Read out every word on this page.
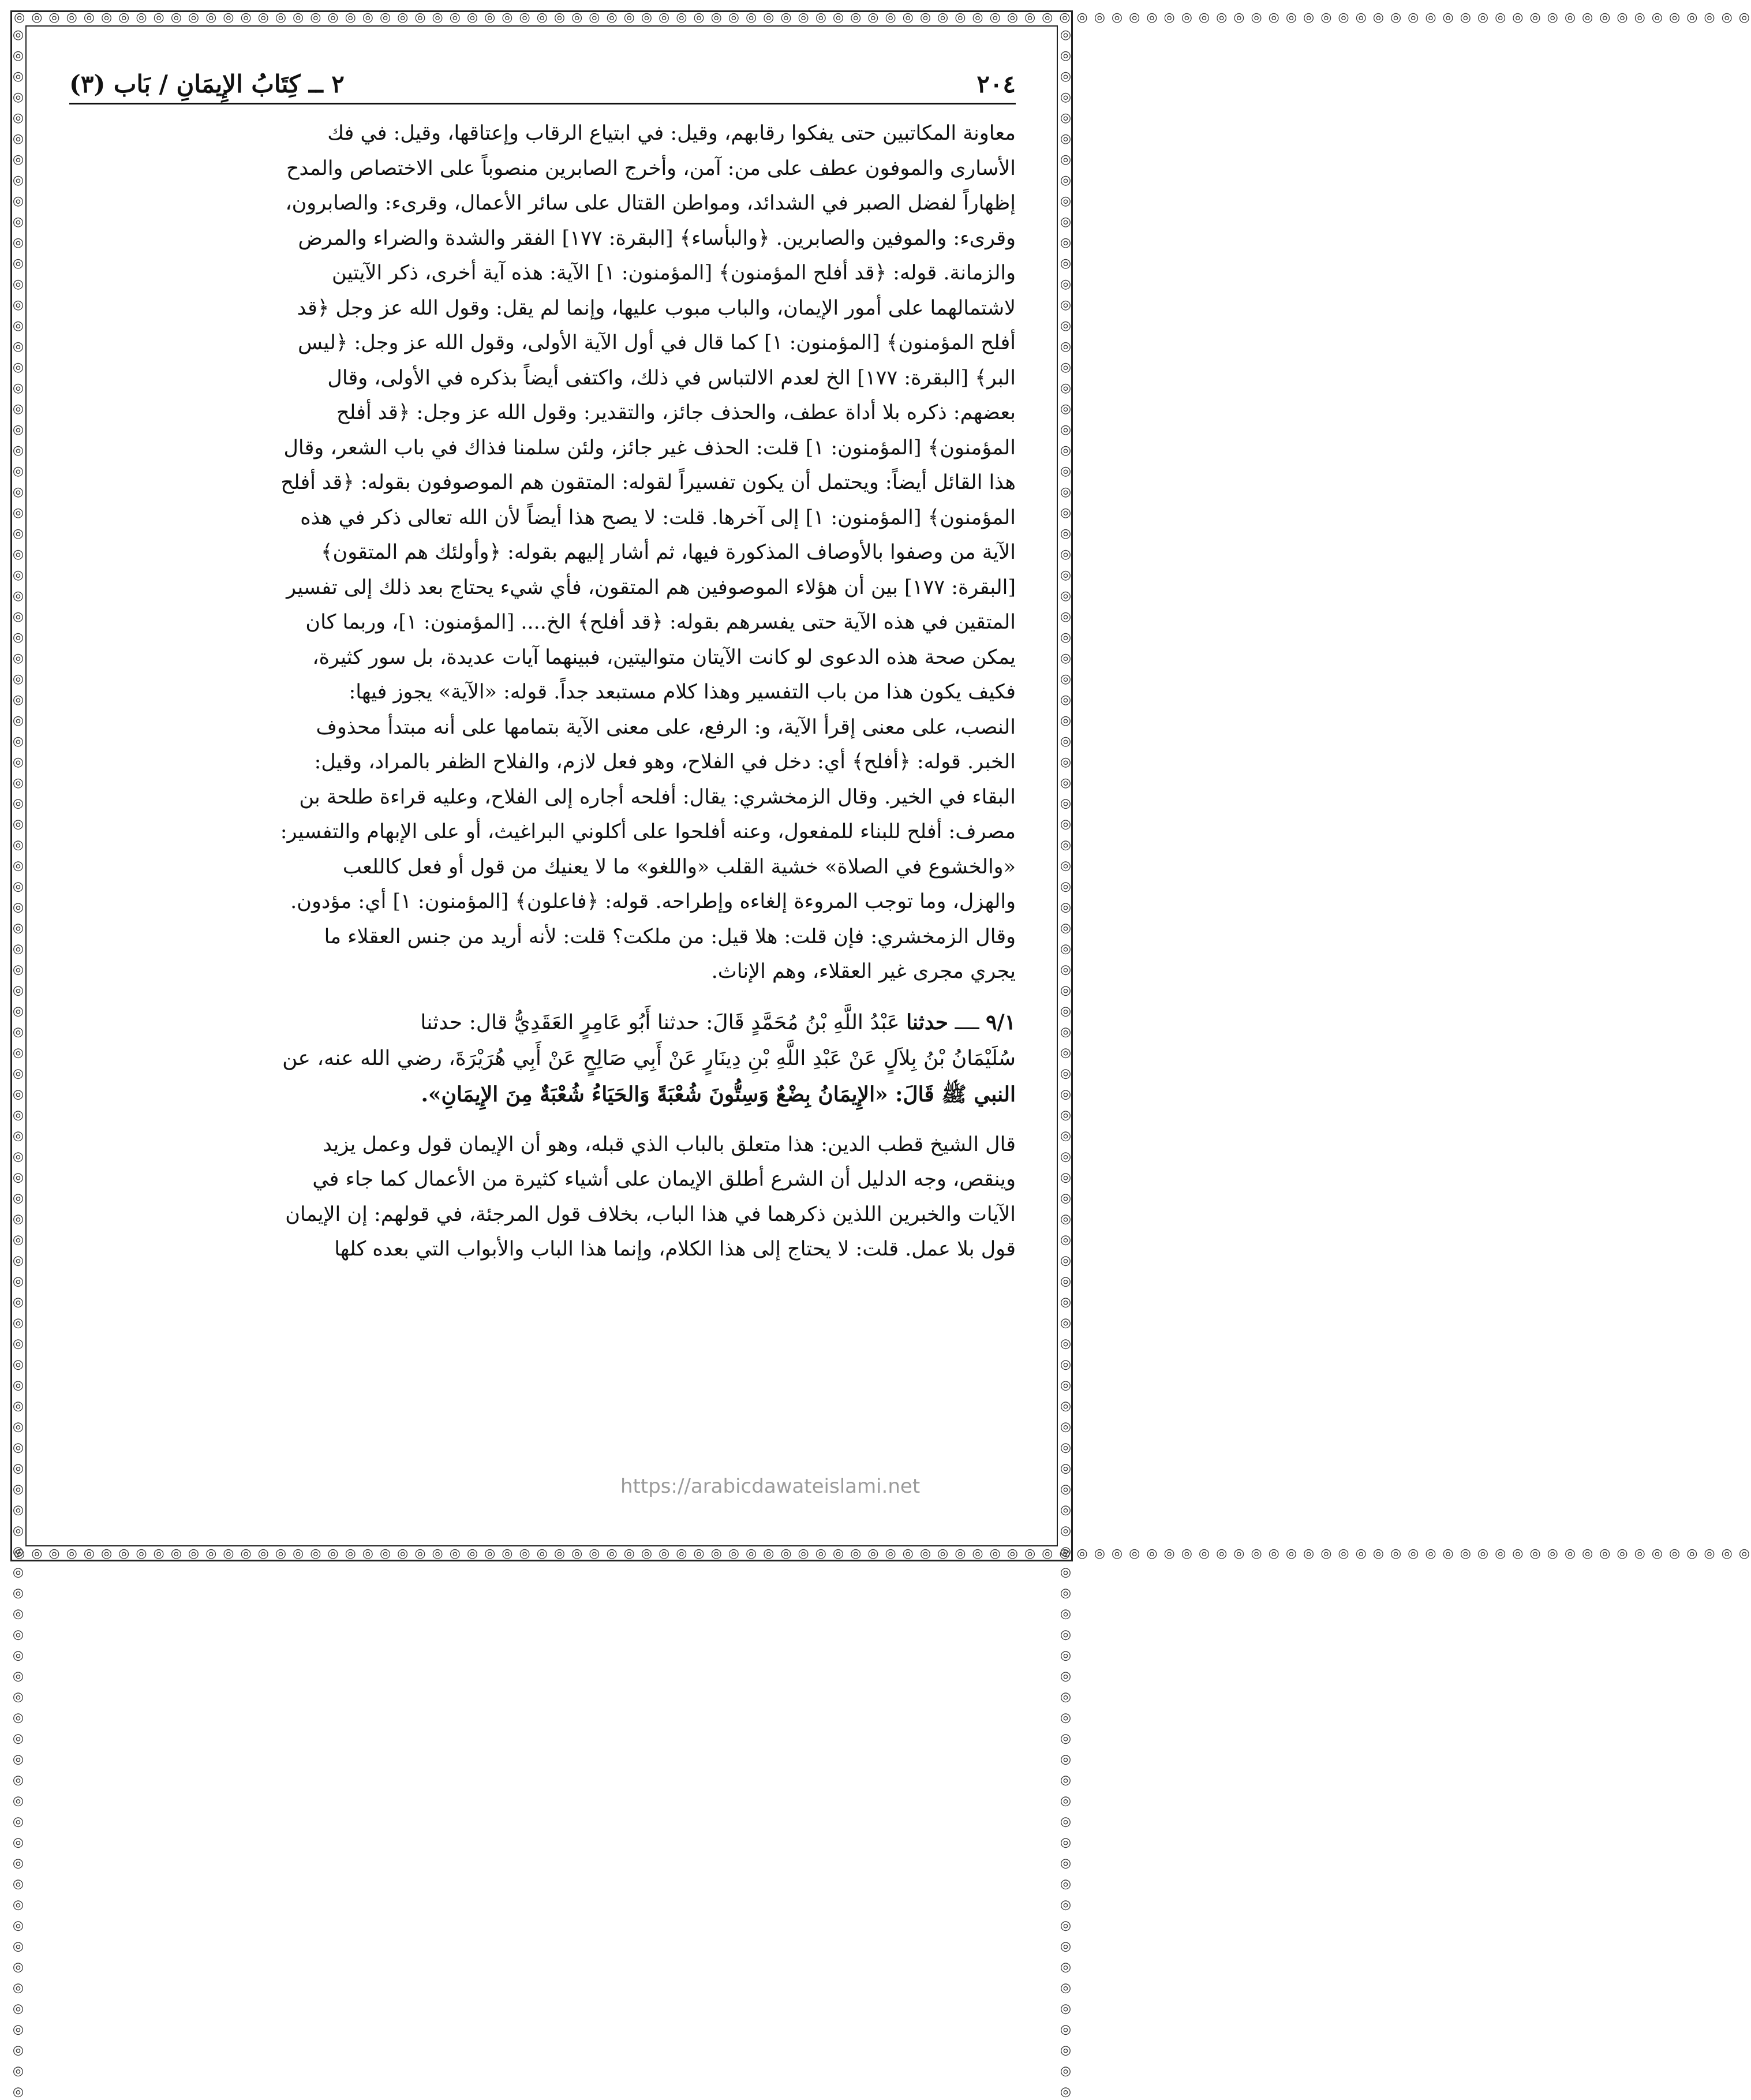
◎ ◎ ◎ ◎ ◎ ◎ ◎ ◎ ◎ ◎ ◎ ◎ ◎ ◎ ◎ ◎ ◎ ◎ ◎ ◎ ◎ ◎ ◎ ◎ ◎ ◎ ◎ ◎ ◎ ◎ ◎ ◎ ◎ ◎ ◎ ◎ ◎ ◎ ◎ ◎ ◎ ◎ ◎ ◎ ◎ ◎ ◎ ◎ ◎ ◎ ◎ ◎ ◎ ◎ ◎ ◎ ◎ ◎ ◎ ◎ ◎ ◎ ◎ ◎ ◎ ◎ ◎ ◎ ◎ ◎ ◎ ◎ ◎ ◎ ◎ ◎ ◎ ◎ ◎ ◎ ◎ ◎ ◎ ◎ ◎ ◎ ◎ ◎ ◎ ◎ ◎ ◎ ◎ ◎ ◎ ◎ ◎ ◎ ◎ ◎
◎ ◎ ◎ ◎ ◎ ◎ ◎ ◎ ◎ ◎ ◎ ◎ ◎ ◎ ◎ ◎ ◎ ◎ ◎ ◎ ◎ ◎ ◎ ◎ ◎ ◎ ◎ ◎ ◎ ◎ ◎ ◎ ◎ ◎ ◎ ◎ ◎ ◎ ◎ ◎ ◎ ◎ ◎ ◎ ◎ ◎ ◎ ◎ ◎ ◎ ◎ ◎ ◎ ◎ ◎ ◎ ◎ ◎ ◎ ◎ ◎ ◎ ◎ ◎ ◎ ◎ ◎ ◎ ◎ ◎ ◎ ◎ ◎ ◎ ◎ ◎ ◎ ◎ ◎ ◎ ◎ ◎ ◎ ◎ ◎ ◎ ◎ ◎ ◎ ◎ ◎ ◎ ◎ ◎ ◎ ◎ ◎ ◎ ◎ ◎
◎ ◎ ◎ ◎ ◎ ◎ ◎ ◎ ◎ ◎ ◎ ◎ ◎ ◎ ◎ ◎ ◎ ◎ ◎ ◎ ◎ ◎ ◎ ◎ ◎ ◎ ◎ ◎ ◎ ◎ ◎ ◎ ◎ ◎ ◎ ◎ ◎ ◎ ◎ ◎ ◎ ◎ ◎ ◎ ◎ ◎ ◎ ◎ ◎ ◎ ◎ ◎ ◎ ◎ ◎ ◎ ◎ ◎ ◎ ◎ ◎ ◎ ◎ ◎ ◎ ◎ ◎ ◎ ◎ ◎ ◎ ◎ ◎ ◎ ◎ ◎ ◎ ◎ ◎ ◎ ◎ ◎ ◎ ◎ ◎ ◎ ◎ ◎ ◎ ◎ ◎ ◎ ◎ ◎ ◎ ◎ ◎ ◎ ◎ ◎	◎ ◎ ◎ ◎ ◎ ◎ ◎ ◎ ◎ ◎ ◎ ◎ ◎ ◎ ◎ ◎ ◎ ◎ ◎ ◎ ◎ ◎ ◎ ◎ ◎ ◎ ◎ ◎ ◎ ◎ ◎ ◎ ◎ ◎ ◎ ◎ ◎ ◎ ◎ ◎ ◎ ◎ ◎ ◎ ◎ ◎ ◎ ◎ ◎ ◎ ◎ ◎ ◎ ◎ ◎ ◎ ◎ ◎ ◎ ◎ ◎ ◎ ◎ ◎ ◎ ◎ ◎ ◎ ◎ ◎ ◎ ◎ ◎ ◎ ◎ ◎ ◎ ◎ ◎ ◎ ◎ ◎ ◎ ◎ ◎ ◎ ◎ ◎ ◎ ◎ ◎ ◎ ◎ ◎ ◎ ◎ ◎ ◎ ◎ ◎
٢٠٤
٢ ــ كِتَابُ الإِيمَانِ / بَاب (٣)

معاونة المكاتبين حتى يفكوا رقابهم، وقيل: في ابتياع الرقاب وإعتاقها، وقيل: في فك

الأسارى والموفون عطف على من: آمن، وأخرج الصابرين منصوباً على الاختصاص والمدح

إظهاراً لفضل الصبر في الشدائد، ومواطن القتال على سائر الأعمال، وقرىء: والصابرون،

وقرىء: والموفين والصابرين. ﴿والبأساء﴾ [البقرة: ١٧٧] الفقر والشدة والضراء والمرض

والزمانة. قوله: ﴿قد أفلح المؤمنون﴾ [المؤمنون: ١] الآية: هذه آية أخرى، ذكر الآيتين

لاشتمالهما على أمور الإيمان، والباب مبوب عليها، وإنما لم يقل: وقول الله عز وجل ﴿قد

أفلح المؤمنون﴾ [المؤمنون: ١] كما قال في أول الآية الأولى، وقول الله عز وجل: ﴿ليس

البر﴾ [البقرة: ١٧٧] الخ لعدم الالتباس في ذلك، واكتفى أيضاً بذكره في الأولى، وقال

بعضهم: ذكره بلا أداة عطف، والحذف جائز، والتقدير: وقول الله عز وجل: ﴿قد أفلح

المؤمنون﴾ [المؤمنون: ١] قلت: الحذف غير جائز، ولئن سلمنا فذاك في باب الشعر، وقال

هذا القائل أيضاً: ويحتمل أن يكون تفسيراً لقوله: المتقون هم الموصوفون بقوله: ﴿قد أفلح

المؤمنون﴾ [المؤمنون: ١] إلى آخرها. قلت: لا يصح هذا أيضاً لأن الله تعالى ذكر في هذه

الآية من وصفوا بالأوصاف المذكورة فيها، ثم أشار إليهم بقوله: ﴿وأولئك هم المتقون﴾

[البقرة: ١٧٧] بين أن هؤلاء الموصوفين هم المتقون، فأي شيء يحتاج بعد ذلك إلى تفسير

المتقين في هذه الآية حتى يفسرهم بقوله: ﴿قد أفلح﴾ الخ.... [المؤمنون: ١]، وربما كان

يمكن صحة هذه الدعوى لو كانت الآيتان متواليتين، فبينهما آيات عديدة، بل سور كثيرة،

فكيف يكون هذا من باب التفسير وهذا كلام مستبعد جداً. قوله: «الآية» يجوز فيها:

النصب، على معنى إقرأ الآية، و: الرفع، على معنى الآية بتمامها على أنه مبتدأ محذوف

الخبر. قوله: ﴿أفلح﴾ أي: دخل في الفلاح، وهو فعل لازم، والفلاح الظفر بالمراد، وقيل:

البقاء في الخير. وقال الزمخشري: يقال: أفلحه أجاره إلى الفلاح، وعليه قراءة طلحة بن

مصرف: أفلح للبناء للمفعول، وعنه أفلحوا على أكلوني البراغيث، أو على الإبهام والتفسير:

«والخشوع في الصلاة» خشية القلب «واللغو» ما لا يعنيك من قول أو فعل كاللعب

والهزل، وما توجب المروءة إلغاءه وإطراحه. قوله: ﴿فاعلون﴾ [المؤمنون: ١] أي: مؤدون.

وقال الزمخشري: فإن قلت: هلا قيل: من ملكت؟ قلت: لأنه أريد من جنس العقلاء ما

يجري مجرى غير العقلاء، وهم الإناث.

٩/١ ــــ حدثنا عَبْدُ اللَّهِ بْنُ مُحَمَّدٍ قَالَ: حدثنا أَبُو عَامِرٍ العَقَدِيُّ قال: حدثنا

سُلَيْمَانُ بْنُ بِلاَلٍ عَنْ عَبْدِ اللَّهِ بْنِ دِينَارٍ عَنْ أَبِي صَالِحٍ عَنْ أَبِي هُرَيْرَةَ، رضي الله عنه، عن

النبي ﷺ قَالَ: «الإِيمَانُ بِضْعٌ وَسِتُّونَ شُعْبَةً وَالحَيَاءُ شُعْبَةٌ مِنَ الإِيمَانِ».

قال الشيخ قطب الدين: هذا متعلق بالباب الذي قبله، وهو أن الإيمان قول وعمل يزيد

وينقص، وجه الدليل أن الشرع أطلق الإيمان على أشياء كثيرة من الأعمال كما جاء في

الآيات والخبرين اللذين ذكرهما في هذا الباب، بخلاف قول المرجئة، في قولهم: إن الإيمان

قول بلا عمل. قلت: لا يحتاج إلى هذا الكلام، وإنما هذا الباب والأبواب التي بعده كلها

https://arabicdawateislami.net
